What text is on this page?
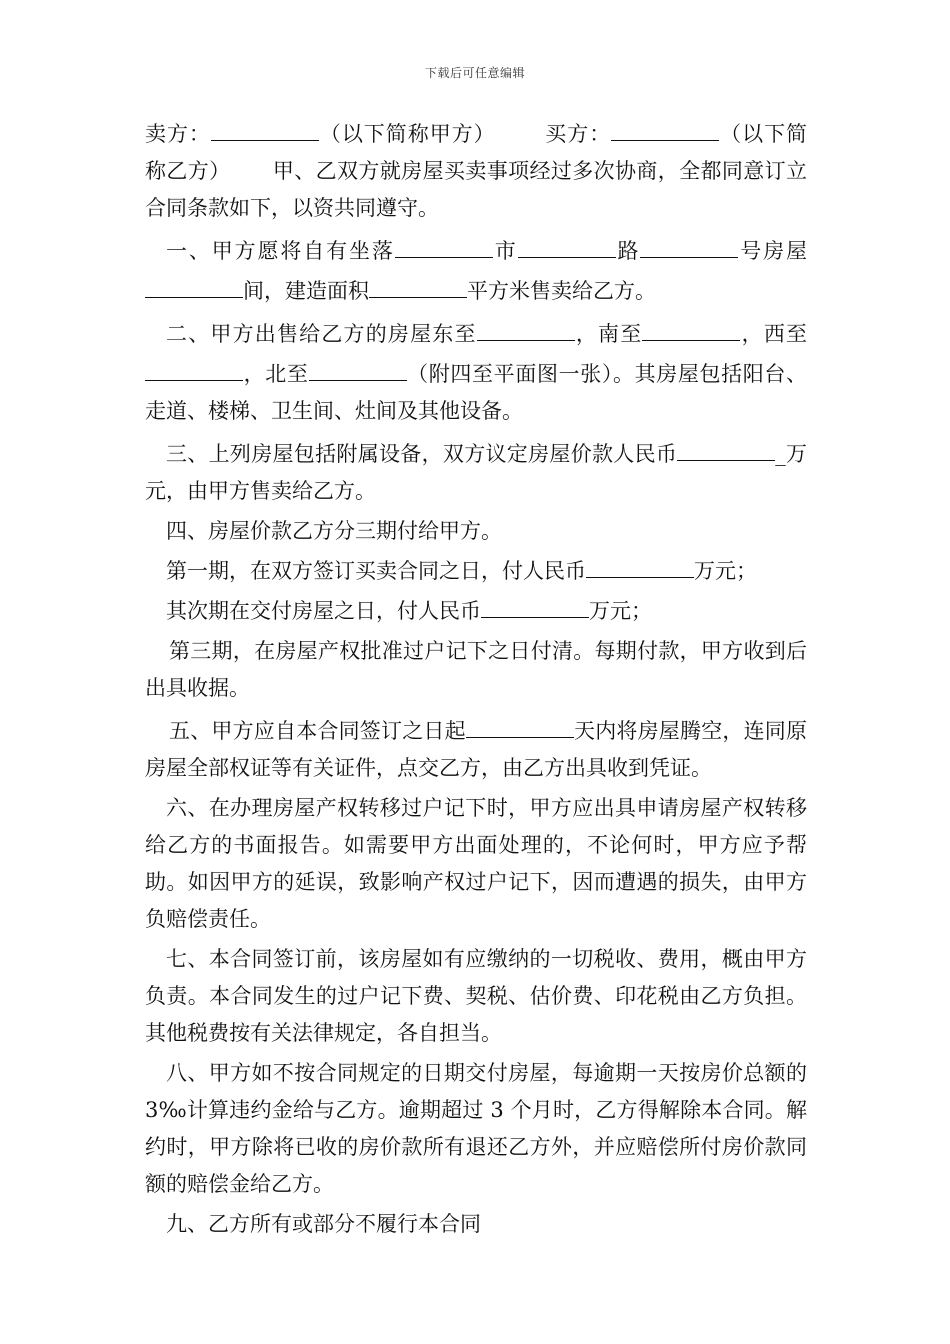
下载后可任意编辑

卖方：	（以下简称甲方）   买方：	（以下简称乙方）   甲、乙双方就房屋买卖事项经过多次协商，全都同意订立合同条款如下，以资共同遵守。

一、甲方愿将自有坐落	市	路	号房屋间，建造面积	平方米售卖给乙方。

二、甲方出售给乙方的房屋东至	，南至	，西至，北至	（附四至平面图一张）。其房屋包括阳台、走道、楼梯、卫生间、灶间及其他设备。

三、上列房屋包括附属设备，双方议定房屋价款人民币	_万元，由甲方售卖给乙方。

四、房屋价款乙方分三期付给甲方。

第一期，在双方签订买卖合同之日，付人民币	万元；

其次期在交付房屋之日，付人民币	万元；

第三期，在房屋产权批准过户记下之日付清。每期付款，甲方收到后出具收据。

五、甲方应自本合同签订之日起	天内将房屋腾空，连同原房屋全部权证等有关证件，点交乙方，由乙方出具收到凭证。

六、在办理房屋产权转移过户记下时，甲方应出具申请房屋产权转移给乙方的书面报告。如需要甲方出面处理的，不论何时，甲方应予帮助。如因甲方的延误，致影响产权过户记下，因而遭遇的损失，由甲方负赔偿责任。

七、本合同签订前，该房屋如有应缴纳的一切税收、费用，概由甲方负责。本合同发生的过户记下费、契税、估价费、印花税由乙方负担。其他税费按有关法律规定，各自担当。

八、甲方如不按合同规定的日期交付房屋，每逾期一天按房价总额的 3‰计算违约金给与乙方。逾期超过 3 个月时，乙方得解除本合同。解约时，甲方除将已收的房价款所有退还乙方外，并应赔偿所付房价款同额的赔偿金给乙方。

九、乙方所有或部分不履行本合同
